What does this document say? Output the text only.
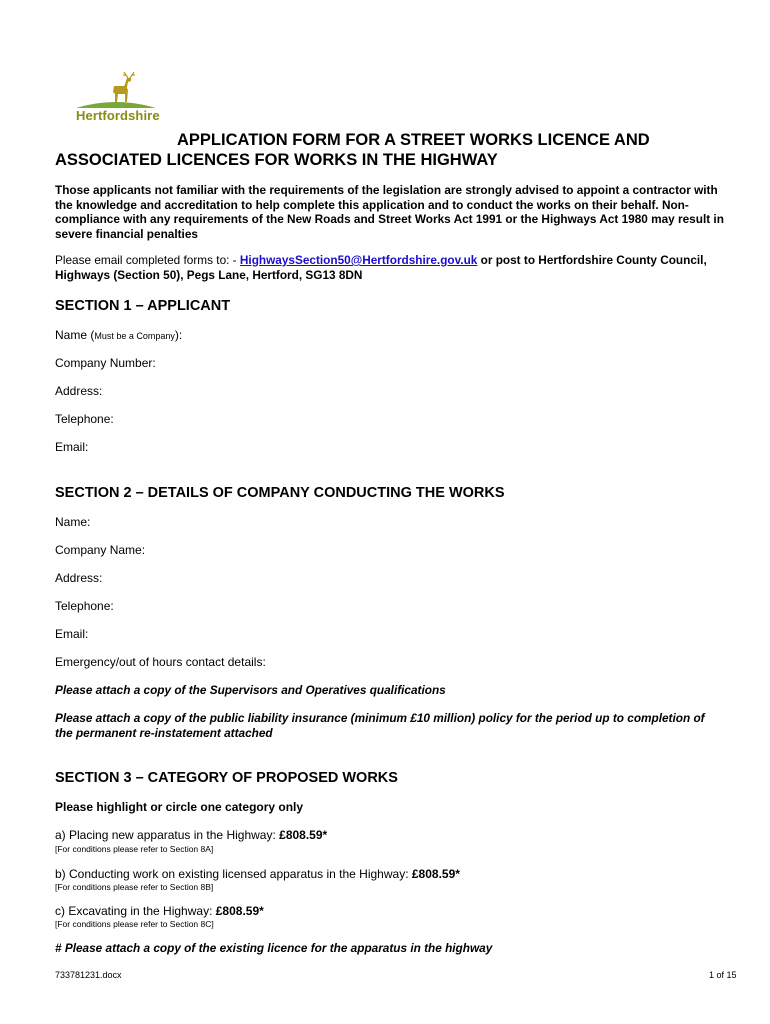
Hertfordshire
APPLICATION FORM FOR A STREET WORKS LICENCE AND
ASSOCIATED LICENCES FOR WORKS IN THE HIGHWAY
Those applicants not familiar with the requirements of the legislation are strongly advised to appoint a contractor with the knowledge and accreditation to help complete this application and to conduct the works on their behalf. Non-compliance with any requirements of the New Roads and Street Works Act 1991 or the Highways Act 1980 may result in severe financial penalties
Please email completed forms to: - HighwaysSection50@Hertfordshire.gov.uk or post to Hertfordshire County Council, Highways (Section 50), Pegs Lane, Hertford, SG13 8DN
SECTION 1 – APPLICANT
Name (Must be a Company):
Company Number:
Address:
Telephone:
Email:
SECTION 2 – DETAILS OF COMPANY CONDUCTING THE WORKS
Name:
Company Name:
Address:
Telephone:
Email:
Emergency/out of hours contact details:
Please attach a copy of the Supervisors and Operatives qualifications
Please attach a copy of the public liability insurance (minimum £10 million) policy for the period up to completion of the permanent re-instatement attached
SECTION 3 – CATEGORY OF PROPOSED WORKS
Please highlight or circle one category only
a) Placing new apparatus in the Highway: £808.59*
[For conditions please refer to Section 8A]
b) Conducting work on existing licensed apparatus in the Highway: £808.59*
[For conditions please refer to Section 8B]
c) Excavating in the Highway: £808.59*
[For conditions please refer to Section 8C]
# Please attach a copy of the existing licence for the apparatus in the highway
733781231.docx	1 of 15
